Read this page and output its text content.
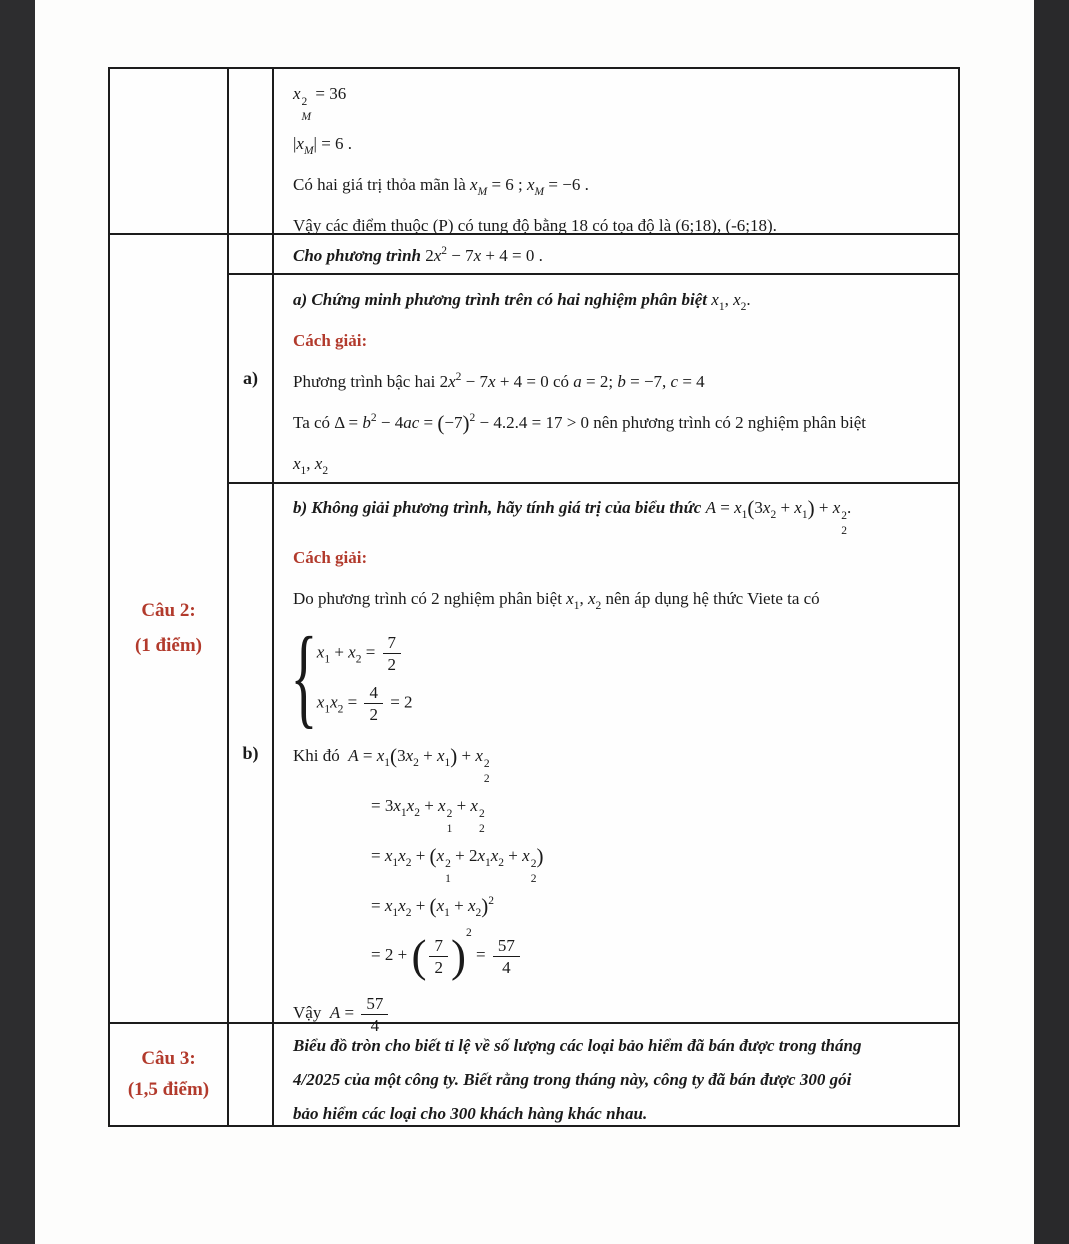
Câu 2:
(1 điểm)
Câu 3:
(1,5 điểm)
a)
b)
x 2
M
= 36
$|x_M| = 6$ .
Có hai giá trị thỏa mãn là $x_M = 6$ ; $x_M = -6$ .
Vậy các điểm thuộc (P) có tung độ bằng 18 có tọa độ là (6;18), (-6;18).
Cho phương trình $2x^2 - 7x + 4 = 0$ .
a) Chứng minh phương trình trên có hai nghiệm phân biệt $x_1$, $x_2$.
Cách giải:
Phương trình bậc hai $2x^2 - 7x + 4 = 0$ có a = 2; b = −7, c = 4
Ta có $\Delta = b^2 - 4ac = (-7)^2 - 4.2.4 = 17 > 0$ nên phương trình có 2 nghiệm phân biệt
$x_1$, $x_2$
b) Không giải phương trình, hãy tính giá trị của biểu thức $A = x_1(3x_2 + x_1) + x$ 2
2
.
Cách giải:
Do phương trình có 2 nghiệm phân biệt $x_1$, $x_2$ nên áp dụng hệ thức Viete ta có
{ $x_1 + x_2 = \frac{7}{2}$
$x_1x_2 = \frac{4}{2} = 2$
Khi đó  $A = x_1(3x_2 + x_1) + x$ 2
2
= $3x_1x_2 + x$ 2
1
+ x 2
2
= $x_1x_2 + (x$ 2
1
+ $2x_1x_2 + x$ 2
2
)
= $x_1x_2 + (x_1 + x_2)^2$
= 2 + ( $\frac{7}{2} )^2 = \frac{57}{4}$
Vậy  $A = \frac{57}{4}$
Biểu đồ tròn cho biết tỉ lệ về số lượng các loại bảo hiểm đã bán được trong tháng
4/2025 của một công ty. Biết rằng trong tháng này, công ty đã bán được 300 gói
bảo hiểm các loại cho 300 khách hàng khác nhau.
